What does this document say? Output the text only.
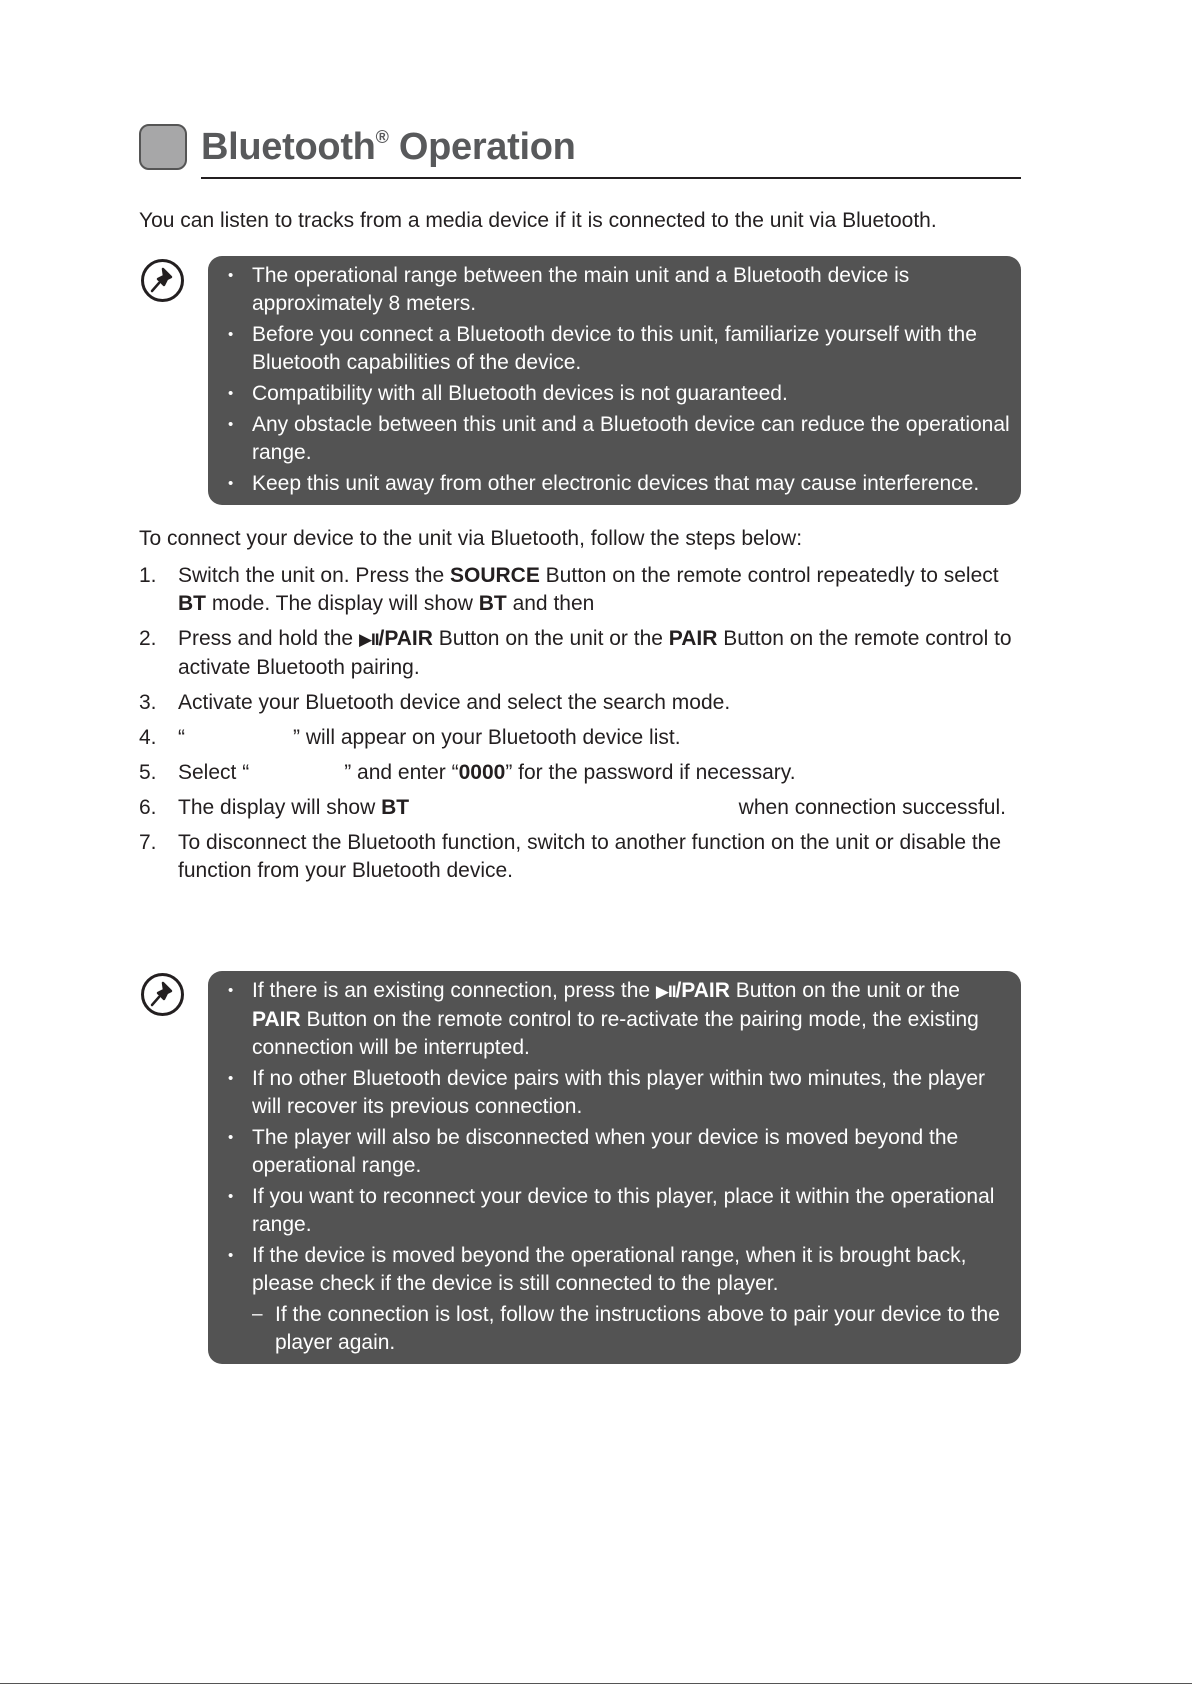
Bluetooth® Operation

You can listen to tracks from a media device if it is connected to the unit via Bluetooth.

• The operational range between the main unit and a Bluetooth device is approximately 8 meters.
• Before you connect a Bluetooth device to this unit, familiarize yourself with the Bluetooth capabilities of the device.
• Compatibility with all Bluetooth devices is not guaranteed.
• Any obstacle between this unit and a Bluetooth device can reduce the operational range.
• Keep this unit away from other electronic devices that may cause interference.

To connect your device to the unit via Bluetooth, follow the steps below:

1. Switch the unit on. Press the SOURCE Button on the remote control repeatedly to select BT mode. The display will show BT and then
2. Press and hold the ▶II/PAIR Button on the unit or the PAIR Button on the remote control to activate Bluetooth pairing.
3. Activate your Bluetooth device and select the search mode.
4. “	” will appear on your Bluetooth device list.
5. Select “	” and enter “0000” for the password if necessary.
6. The display will show BT	when connection successful.
7. To disconnect the Bluetooth function, switch to another function on the unit or disable the function from your Bluetooth device.
• If there is an existing connection, press the ▶II/PAIR Button on the unit or the PAIR Button on the remote control to re-activate the pairing mode, the existing connection will be interrupted.
• If no other Bluetooth device pairs with this player within two minutes, the player will recover its previous connection.
• The player will also be disconnected when your device is moved beyond the operational range.
• If you want to reconnect your device to this player, place it within the operational range.
• If the device is moved beyond the operational range, when it is brought back, please check if the device is still connected to the player.
– If the connection is lost, follow the instructions above to pair your device to the player again.
